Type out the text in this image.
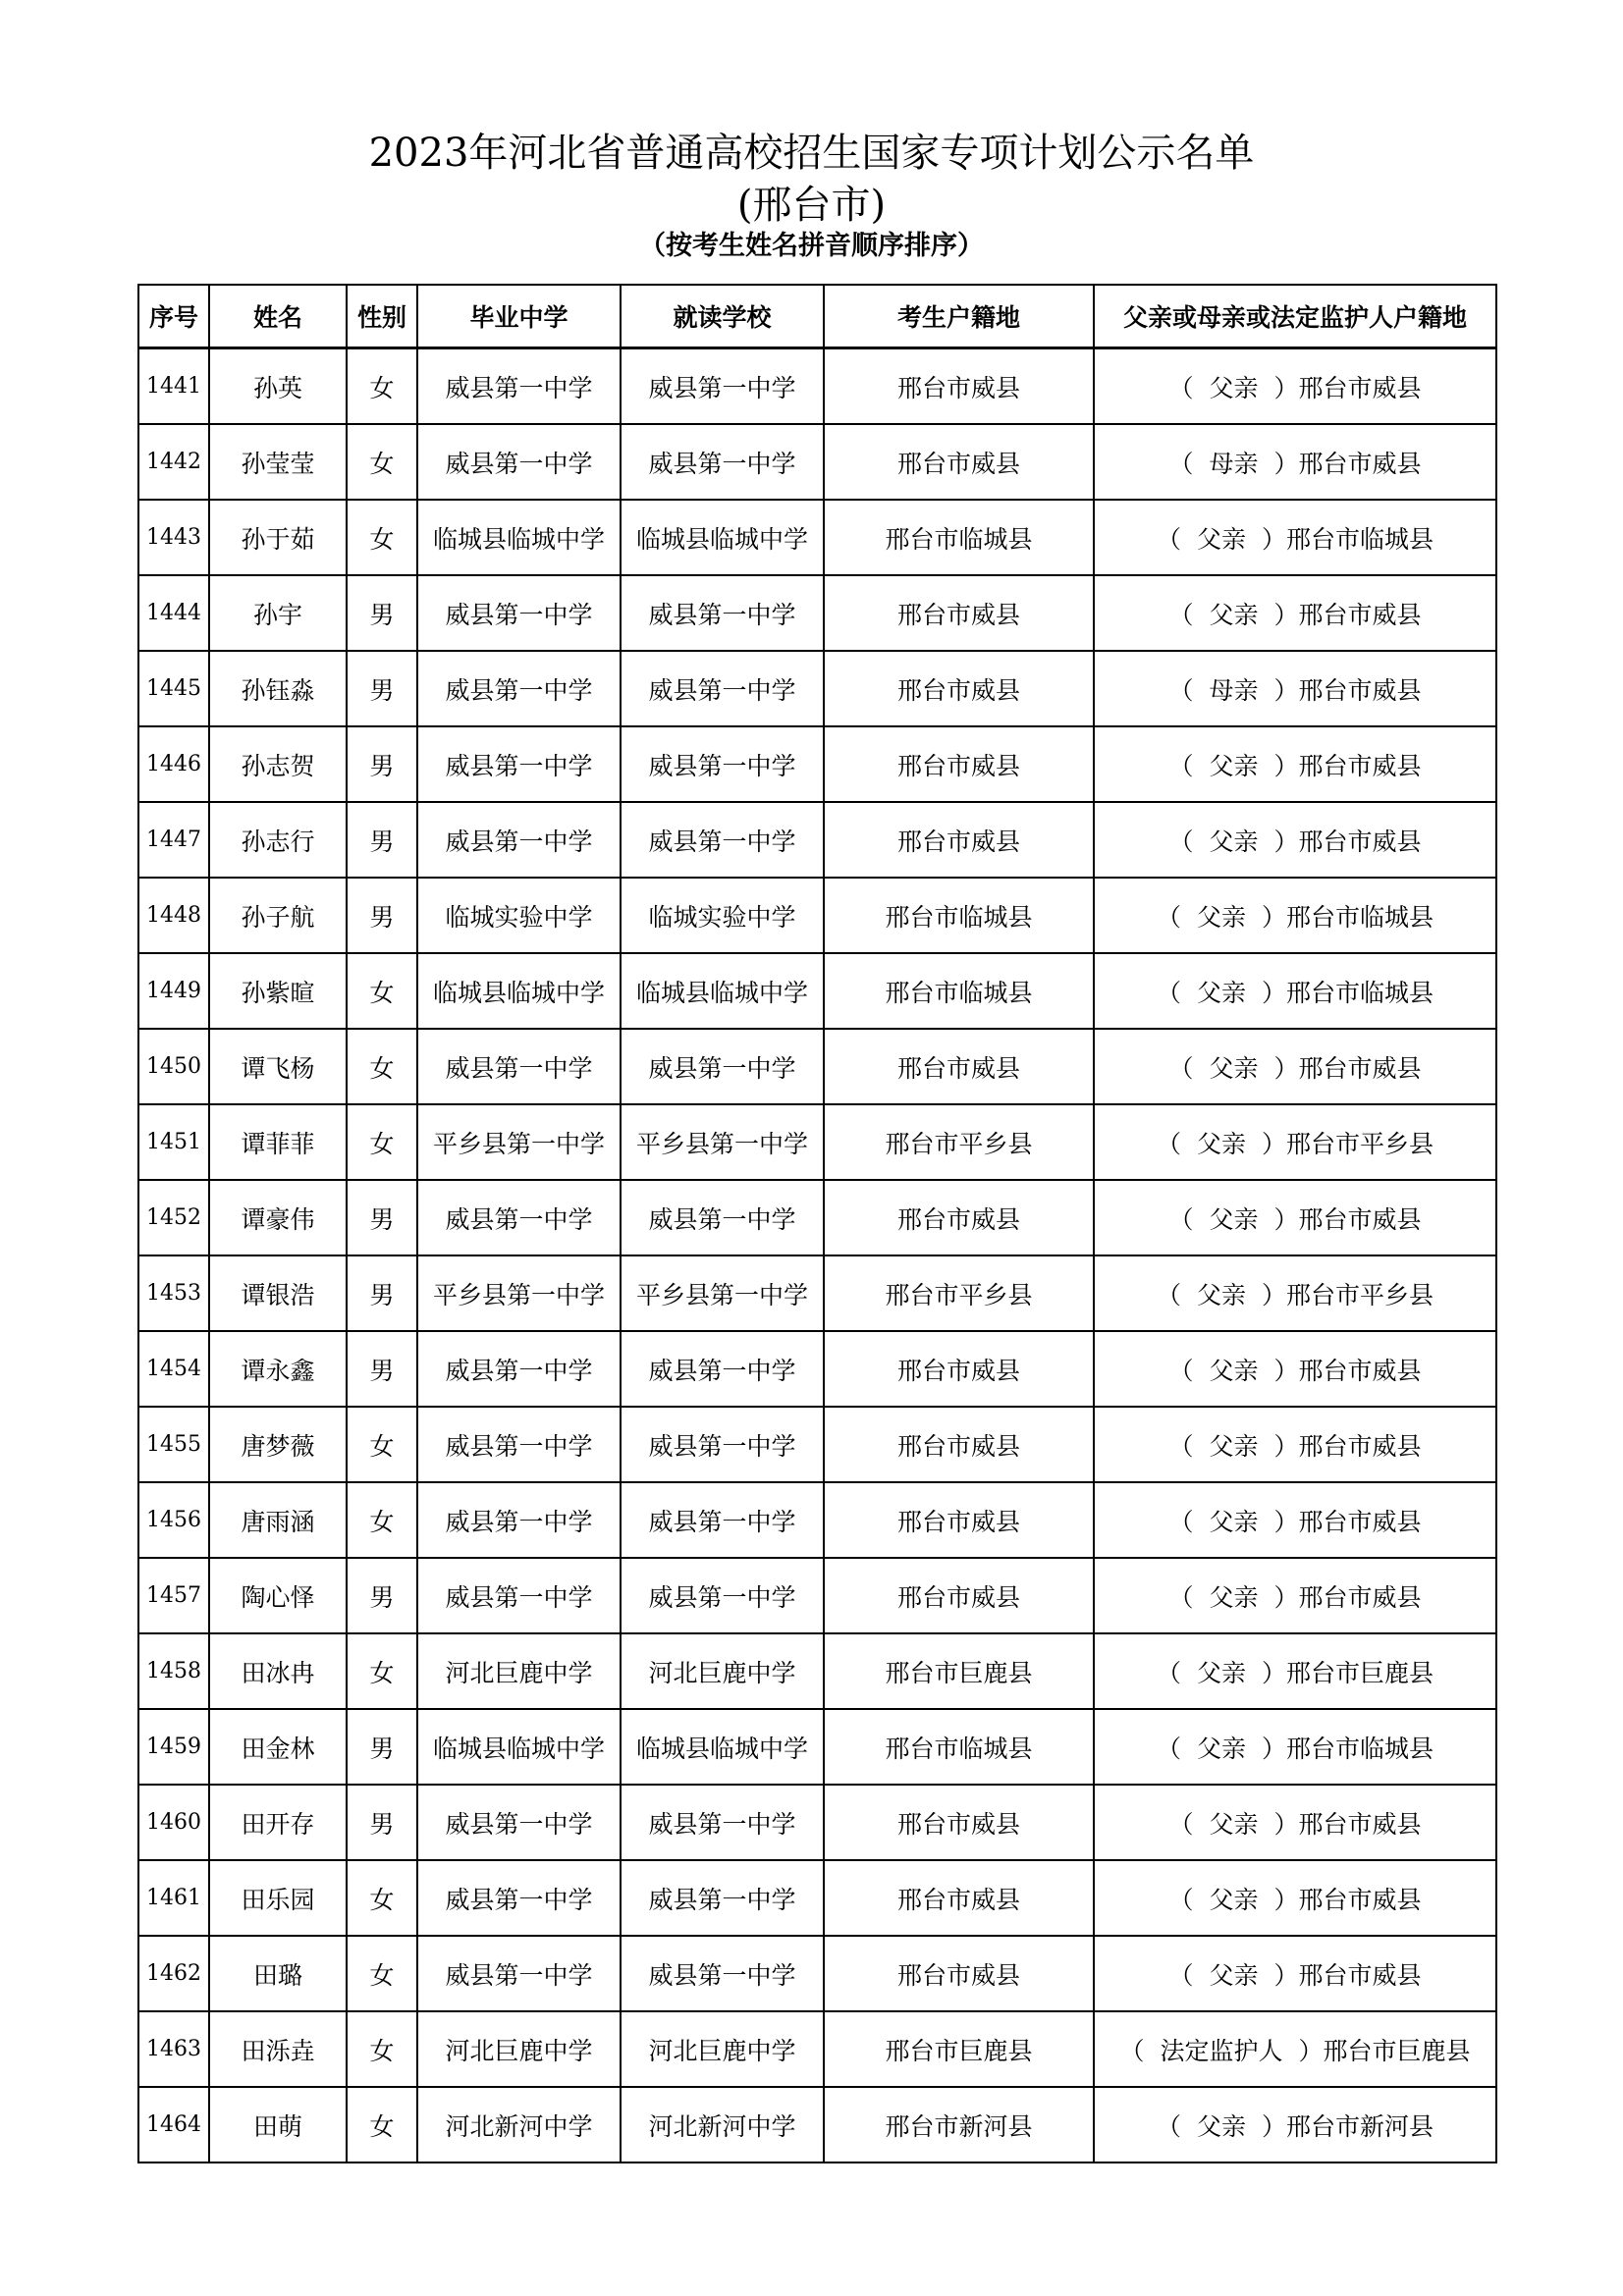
2023年河北省普通高校招生国家专项计划公示名单
(邢台市)
（按考生姓名拼音顺序排序）
序号	姓名	性别	毕业中学	就读学校	考生户籍地	父亲或母亲或法定监护人户籍地
1441	孙英	女	威县第一中学	威县第一中学	邢台市威县	（ 父亲 ）邢台市威县
1442	孙莹莹	女	威县第一中学	威县第一中学	邢台市威县	（ 母亲 ）邢台市威县
1443	孙于茹	女	临城县临城中学	临城县临城中学	邢台市临城县	（ 父亲 ）邢台市临城县
1444	孙宇	男	威县第一中学	威县第一中学	邢台市威县	（ 父亲 ）邢台市威县
1445	孙钰淼	男	威县第一中学	威县第一中学	邢台市威县	（ 母亲 ）邢台市威县
1446	孙志贺	男	威县第一中学	威县第一中学	邢台市威县	（ 父亲 ）邢台市威县
1447	孙志行	男	威县第一中学	威县第一中学	邢台市威县	（ 父亲 ）邢台市威县
1448	孙子航	男	临城实验中学	临城实验中学	邢台市临城县	（ 父亲 ）邢台市临城县
1449	孙紫暄	女	临城县临城中学	临城县临城中学	邢台市临城县	（ 父亲 ）邢台市临城县
1450	谭飞杨	女	威县第一中学	威县第一中学	邢台市威县	（ 父亲 ）邢台市威县
1451	谭菲菲	女	平乡县第一中学	平乡县第一中学	邢台市平乡县	（ 父亲 ）邢台市平乡县
1452	谭豪伟	男	威县第一中学	威县第一中学	邢台市威县	（ 父亲 ）邢台市威县
1453	谭银浩	男	平乡县第一中学	平乡县第一中学	邢台市平乡县	（ 父亲 ）邢台市平乡县
1454	谭永鑫	男	威县第一中学	威县第一中学	邢台市威县	（ 父亲 ）邢台市威县
1455	唐梦薇	女	威县第一中学	威县第一中学	邢台市威县	（ 父亲 ）邢台市威县
1456	唐雨涵	女	威县第一中学	威县第一中学	邢台市威县	（ 父亲 ）邢台市威县
1457	陶心怿	男	威县第一中学	威县第一中学	邢台市威县	（ 父亲 ）邢台市威县
1458	田冰冉	女	河北巨鹿中学	河北巨鹿中学	邢台市巨鹿县	（ 父亲 ）邢台市巨鹿县
1459	田金林	男	临城县临城中学	临城县临城中学	邢台市临城县	（ 父亲 ）邢台市临城县
1460	田开存	男	威县第一中学	威县第一中学	邢台市威县	（ 父亲 ）邢台市威县
1461	田乐园	女	威县第一中学	威县第一中学	邢台市威县	（ 父亲 ）邢台市威县
1462	田璐	女	威县第一中学	威县第一中学	邢台市威县	（ 父亲 ）邢台市威县
1463	田泺垚	女	河北巨鹿中学	河北巨鹿中学	邢台市巨鹿县	（ 法定监护人 ）邢台市巨鹿县
1464	田萌	女	河北新河中学	河北新河中学	邢台市新河县	（ 父亲 ）邢台市新河县
